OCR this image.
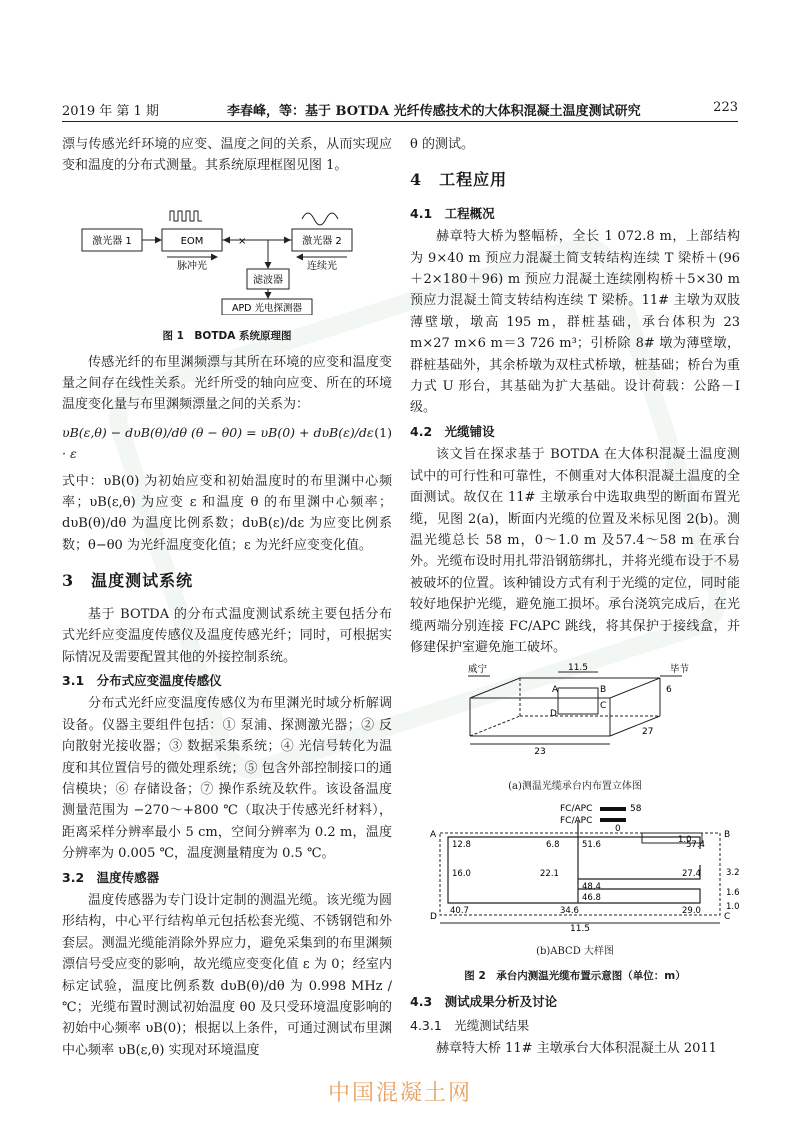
2019 年 第 1 期	李春峰，等：基于 BOTDA 光纤传感技术的大体积混凝土温度测试研究	223

漂与传感光纤环境的应变、温度之间的关系，从而实现应变和温度的分布式测量。其系统原理框图见图 1。

激光器 1	EOM	激光器 2
滤波器
APD 光电探测器
×
脉冲光	连续光
图 1　BOTDA 系统原理图

传感光纤的布里渊频漂与其所在环境的应变和温度变量之间存在线性关系。光纤所受的轴向应变、所在的环境温度变化量与布里渊频漂量之间的关系为：

υB(ε,θ) − dυB(θ)/dθ (θ − θ0) = υB(0) + dυB(ε)/dε · ε
(1)

式中：υB(0) 为初始应变和初始温度时的布里渊中心频率；υB(ε,θ) 为应变 ε 和温度 θ 的布里渊中心频率；dυB(θ)/dθ 为温度比例系数；dυB(ε)/dε 为应变比例系数；θ−θ0 为光纤温度变化值；ε 为光纤应变变化值。

3　温度测试系统

基于 BOTDA 的分布式温度测试系统主要包括分布式光纤应变温度传感仪及温度传感光纤；同时，可根据实际情况及需要配置其他的外接控制系统。

3.1　分布式应变温度传感仪

分布式光纤应变温度传感仪为布里渊光时域分析解调设备。仪器主要组件包括：① 泵浦、探测激光器；② 反向散射光接收器；③ 数据采集系统；④ 光信号转化为温度和其位置信号的微处理系统；⑤ 包含外部控制接口的通信模块；⑥ 存储设备；⑦ 操作系统及软件。该设备温度测量范围为 −270～+800 ℃（取决于传感光纤材料），距离采样分辨率最小 5 cm，空间分辨率为 0.2 m，温度分辨率为 0.005 ℃，温度测量精度为 0.5 ℃。

3.2　温度传感器

温度传感器为专门设计定制的测温光缆。该光缆为圆形结构，中心平行结构单元包括松套光缆、不锈钢铠和外套层。测温光缆能消除外界应力，避免采集到的布里渊频漂信号受应变的影响，故光缆应变变化值 ε 为 0；经室内标定试验，温度比例系数 dυB(θ)/dθ 为 0.998 MHz / ℃；光缆布置时测试初始温度 θ0 及只受环境温度影响的初始中心频率 υB(0)；根据以上条件，可通过测试布里渊中心频率 υB(ε,θ) 实现对环境温度

θ 的测试。

4　工程应用
4.1　工程概况

赫章特大桥为整幅桥，全长 1 072.8 m，上部结构为 9×40 m 预应力混凝土简支转结构连续 T 梁桥＋(96＋2×180＋96) m 预应力混凝土连续刚构桥＋5×30 m 预应力混凝土简支转结构连续 T 梁桥。11# 主墩为双肢薄壁墩，墩高 195 m，群桩基础，承台体积为 23 m×27 m×6 m＝3 726 m³；引桥除 8# 墩为薄壁墩，群桩基础外，其余桥墩为双柱式桥墩，桩基础；桥台为重力式 U 形台，其基础为扩大基础。设计荷载：公路－Ⅰ级。

4.2　光缆铺设

该文旨在探求基于 BOTDA 在大体积混凝土温度测试中的可行性和可靠性，不侧重对大体积混凝土温度的全面测试。故仅在 11# 主墩承台中选取典型的断面布置光缆，见图 2(a)，断面内光缆的位置及米标见图 2(b)。测温光缆总长 58 m，0～1.0 m 及57.4～58 m 在承台外。光缆布设时用扎带沿钢筋绑扎，并将光缆布设于不易被破坏的位置。该种铺设方式有利于光缆的定位，同时能较好地保护光缆，避免施工损坏。承台浇筑完成后，在光缆两端分别连接 FC/APC 跳线，将其保护于接线盒，并修建保护室避免施工破坏。

A	B
C
D
11.5
威宁	毕节
6
27
23
(a)测温光缆承台内布置立体图
FC/APC	58
FC/APC
0
A	B
C
D
1.0
12.8	6.8	51.6	57.4
16.0	22.1	27.4
48.4
46.8
40.7	34.6	29.0
11.5
3.2
1.6
1.0
(b)ABCD 大样图
图 2　承台内测温光缆布置示意图（单位：m）
4.3　测试成果分析及讨论
4.3.1　光缆测试结果

赫章特大桥 11# 主墩承台大体积混凝土从 2011

中国混凝土网
